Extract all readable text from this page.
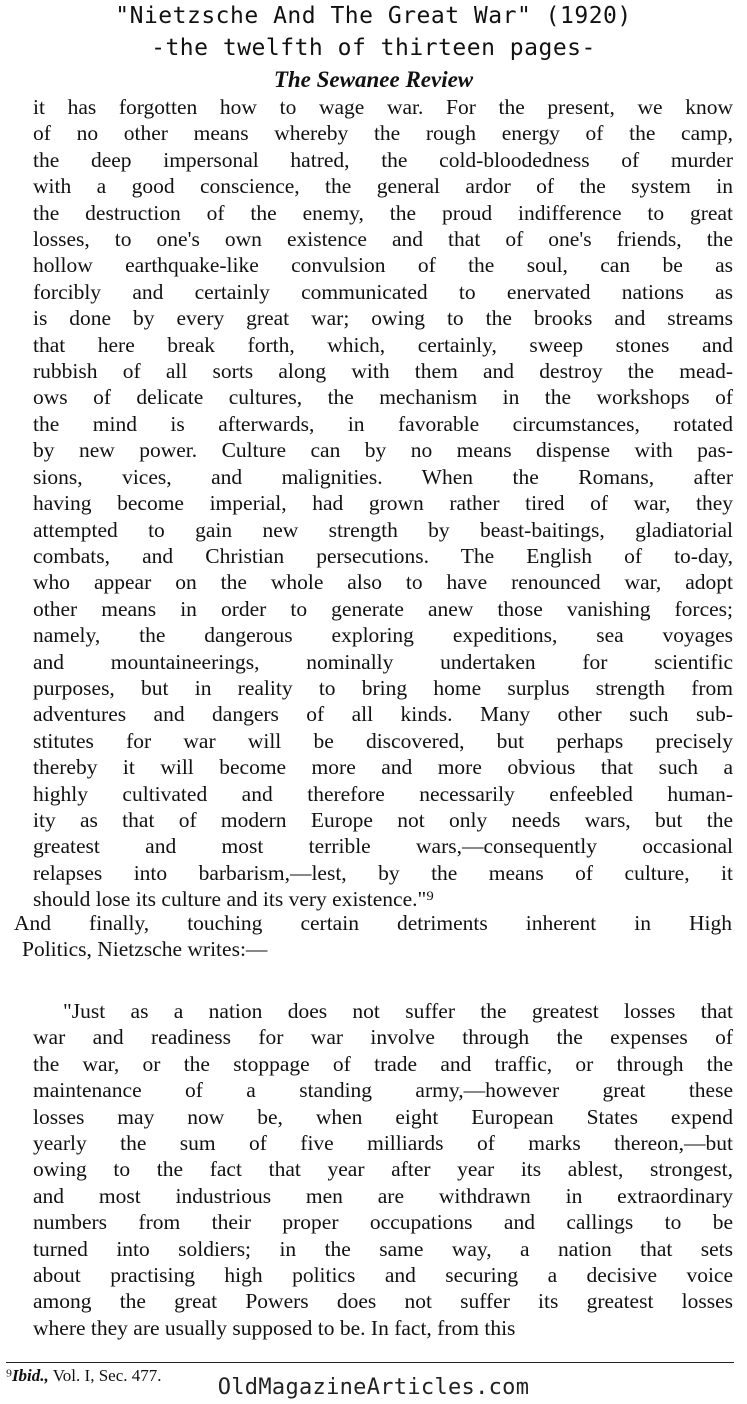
"Nietzsche And The Great War" (1920)
-the twelfth of thirteen pages-
The Sewanee Review
it has forgotten how to wage war. For the present, we know
of no other means whereby the rough energy of the camp,
the deep impersonal hatred, the cold-bloodedness of murder
with a good conscience, the general ardor of the system in
the destruction of the enemy, the proud indifference to great
losses, to one's own existence and that of one's friends, the
hollow earthquake-like convulsion of the soul, can be as
forcibly and certainly communicated to enervated nations as
is done by every great war; owing to the brooks and streams
that here break forth, which, certainly, sweep stones and
rubbish of all sorts along with them and destroy the mead-
ows of delicate cultures, the mechanism in the workshops of
the mind is afterwards, in favorable circumstances, rotated
by new power. Culture can by no means dispense with pas-
sions, vices, and malignities. When the Romans, after
having become imperial, had grown rather tired of war, they
attempted to gain new strength by beast-baitings, gladiatorial
combats, and Christian persecutions. The English of to-day,
who appear on the whole also to have renounced war, adopt
other means in order to generate anew those vanishing forces;
namely, the dangerous exploring expeditions, sea voyages
and mountaineerings, nominally undertaken for scientific
purposes, but in reality to bring home surplus strength from
adventures and dangers of all kinds. Many other such sub-
stitutes for war will be discovered, but perhaps precisely
thereby it will become more and more obvious that such a
highly cultivated and therefore necessarily enfeebled human-
ity as that of modern Europe not only needs wars, but the
greatest and most terrible wars,—consequently occasional
relapses into barbarism,—lest, by the means of culture, it
should lose its culture and its very existence."⁹
And finally, touching certain detriments inherent in High
Politics, Nietzsche writes:—
"Just as a nation does not suffer the greatest losses that
war and readiness for war involve through the expenses of
the war, or the stoppage of trade and traffic, or through the
maintenance of a standing army,—however great these
losses may now be, when eight European States expend
yearly the sum of five milliards of marks thereon,—but
owing to the fact that year after year its ablest, strongest,
and most industrious men are withdrawn in extraordinary
numbers from their proper occupations and callings to be
turned into soldiers; in the same way, a nation that sets
about practising high politics and securing a decisive voice
among the great Powers does not suffer its greatest losses
where they are usually supposed to be. In fact, from this
⁹Ibid., Vol. I, Sec. 477.	OldMagazineArticles.com
